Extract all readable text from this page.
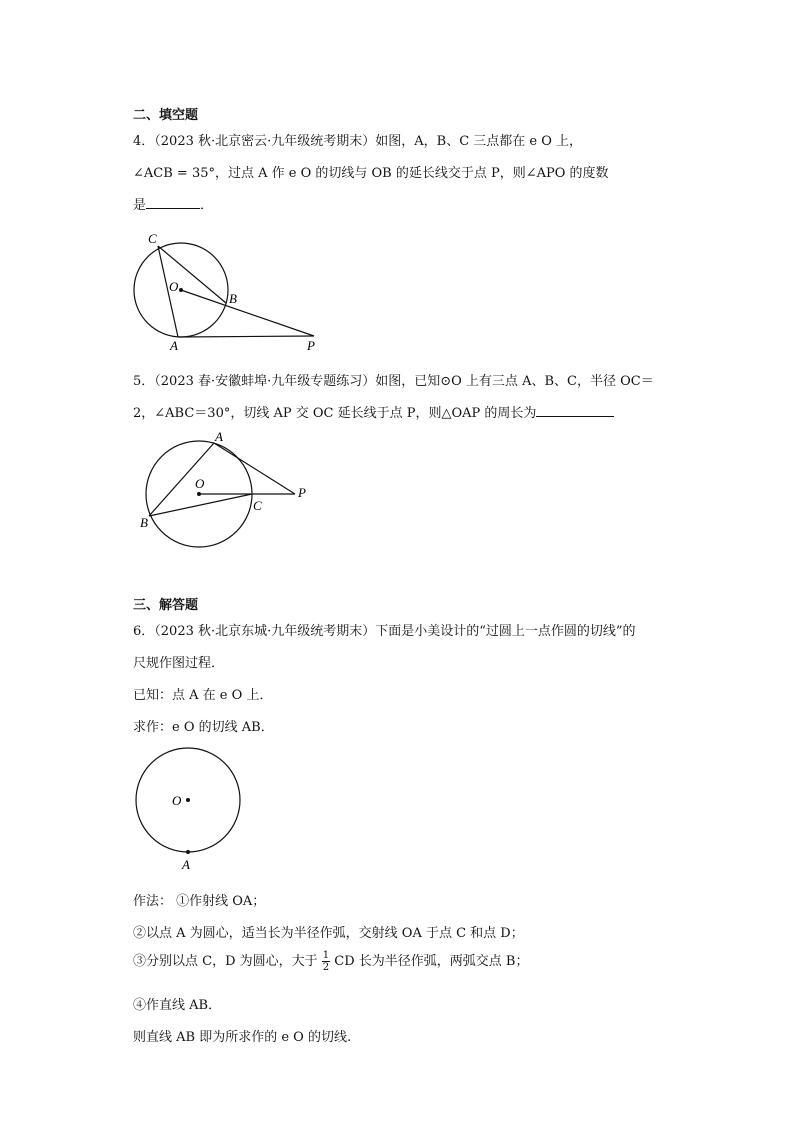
二、填空题
4．（2023 秋·北京密云·九年级统考期末）如图，A，B、C 三点都在 e O 上，
∠ACB = 35°，过点 A 作 e O 的切线与 OB 的延长线交于点 P，则∠APO 的度数
是	．
C
O
B
A	P
5．（2023 春·安徽蚌埠·九年级专题练习）如图，已知⊙O 上有三点 A、B、C，半径 OC＝
2，∠ABC＝30°，切线 AP 交 OC 延长线于点 P，则△OAP 的周长为
A
O
C
P
B
三、解答题
6．（2023 秋·北京东城·九年级统考期末）下面是小美设计的“过圆上一点作圆的切线”的
尺规作图过程．
已知：点 A 在 e O 上．
求作：e O 的切线 AB．
O
A
作法： ①作射线 OA；
②以点 A 为圆心，适当长为半径作弧，交射线 OA 于点 C 和点 D；
③分别以点 C，D 为圆心，大于 $\frac{1}{2}$ CD 长为半径作弧，两弧交点 B；
④作直线 AB．
则直线 AB 即为所求作的 e O 的切线.
